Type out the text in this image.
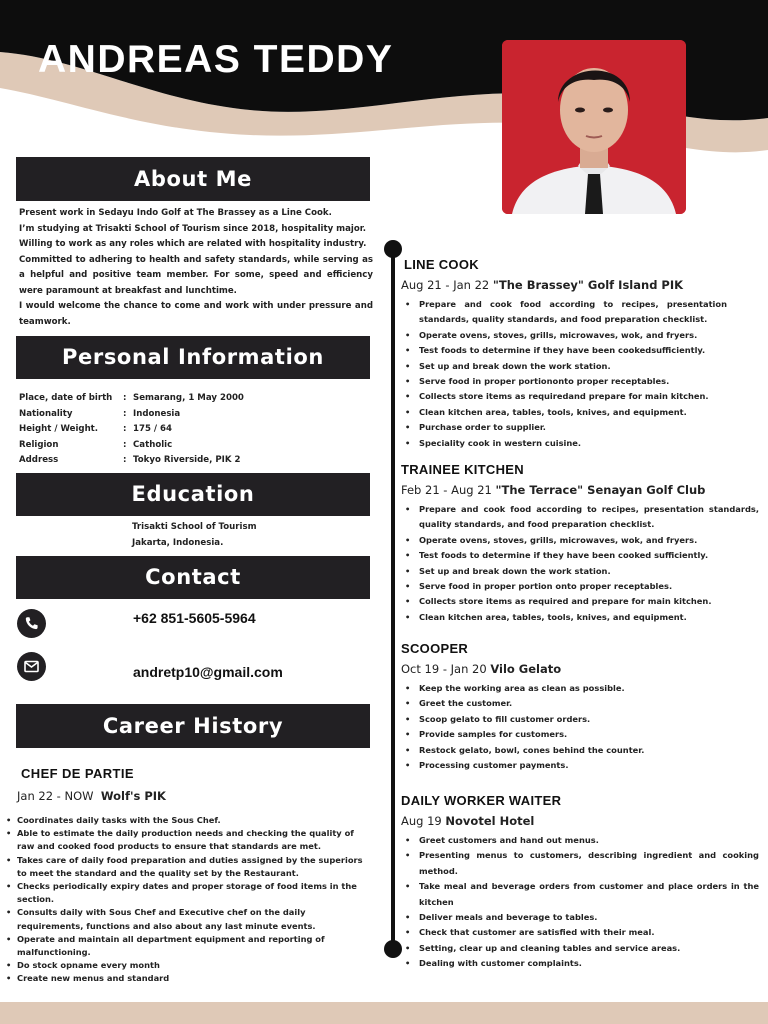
ANDREAS TEDDY
About Me

Present work in Sedayu Indo Golf at The Brassey as a Line Cook.

I’m studying at Trisakti School of Tourism since 2018, hospitality major.

Willing to work as any roles which are related with hospitality industry.

Committed to adhering to health and safety standards, while serving as a helpful and positive team member. For some, speed and efficiency were paramount at breakfast and lunchtime.

I would welcome the chance to come and work with under pressure and teamwork.

Personal Information
Place, date of birth	: Semarang, 1 May 2000
Nationality	: Indonesia
Height / Weight.	: 175 / 64
Religion	: Catholic
Address	: Tokyo Riverside, PIK 2
Education
Trisakti School of Tourism
Jakarta, Indonesia.
Contact
+62 851-5605-5964
andretp10@gmail.com
Career History
CHEF DE PARTIE
Jan 22 - NOW Wolf's PIK
• Coordinates daily tasks with the Sous Chef.
• Able to estimate the daily production needs and checking the quality of raw and cooked food products to ensure that standards are met.
• Takes care of daily food preparation and duties assigned by the superiors to meet the standard and the quality set by the Restaurant.
• Checks periodically expiry dates and proper storage of food items in the section.
• Consults daily with Sous Chef and Executive chef on the daily requirements, functions and also about any last minute events.
• Operate and maintain all department equipment and reporting of malfunctioning.
• Do stock opname every month
• Create new menus and standard
LINE COOK
Aug 21 - Jan 22 "The Brassey" Golf Island PIK
• Prepare and cook food according to recipes, presentation standards, quality standards, and food preparation checklist.
• Operate ovens, stoves, grills, microwaves, wok, and fryers.
• Test foods to determine if they have been cookedsufficiently.
• Set up and break down the work station.
• Serve food in proper portiononto proper receptables.
• Collects store items as requiredand prepare for main kitchen.
• Clean kitchen area, tables, tools, knives, and equipment.
• Purchase order to supplier.
• Speciality cook in western cuisine.
TRAINEE KITCHEN
Feb 21 - Aug 21 "The Terrace" Senayan Golf Club
• Prepare and cook food according to recipes, presentation standards, quality standards, and food preparation checklist.
• Operate ovens, stoves, grills, microwaves, wok, and fryers.
• Test foods to determine if they have been cooked sufficiently.
• Set up and break down the work station.
• Serve food in proper portion onto proper receptables.
• Collects store items as required and prepare for main kitchen.
• Clean kitchen area, tables, tools, knives, and equipment.
SCOOPER
Oct 19 - Jan 20 Vilo Gelato
• Keep the working area as clean as possible.
• Greet the customer.
• Scoop gelato to fill customer orders.
• Provide samples for customers.
• Restock gelato, bowl, cones behind the counter.
• Processing customer payments.
DAILY WORKER WAITER
Aug 19 Novotel Hotel
• Greet customers and hand out menus.
• Presenting menus to customers, describing ingredient and cooking method.
• Take meal and beverage orders from customer and place orders in the kitchen
• Deliver meals and beverage to tables.
• Check that customer are satisfied with their meal.
• Setting, clear up and cleaning tables and service areas.
• Dealing with customer complaints.
